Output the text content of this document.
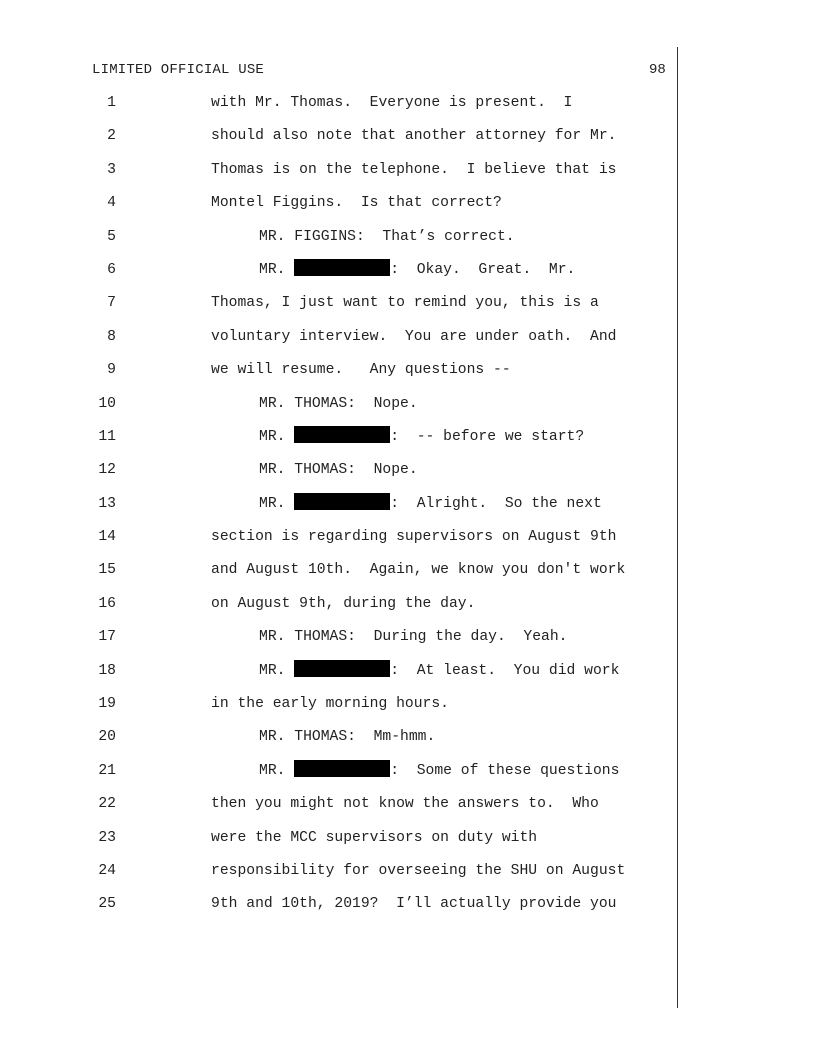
LIMITED OFFICIAL USE	98
1	with Mr. Thomas.  Everyone is present.  I
2	should also note that another attorney for Mr.
3	Thomas is on the telephone.  I believe that is
4	Montel Figgins.  Is that correct?
5	MR. FIGGINS:  That’s correct.
6	MR.	:  Okay.  Great.  Mr.
7	Thomas, I just want to remind you, this is a
8	voluntary interview.  You are under oath.  And
9	we will resume.   Any questions --
10	MR. THOMAS:  Nope.
11	MR.	:  -- before we start?
12	MR. THOMAS:  Nope.
13	MR.	:  Alright.  So the next
14	section is regarding supervisors on August 9th
15	and August 10th.  Again, we know you don't work
16	on August 9th, during the day.
17	MR. THOMAS:  During the day.  Yeah.
18	MR.	:  At least.  You did work
19	in the early morning hours.
20	MR. THOMAS:  Mm-hmm.
21	MR.	:  Some of these questions
22	then you might not know the answers to.  Who
23	were the MCC supervisors on duty with
24	responsibility for overseeing the SHU on August
25	9th and 10th, 2019?  I’ll actually provide you
